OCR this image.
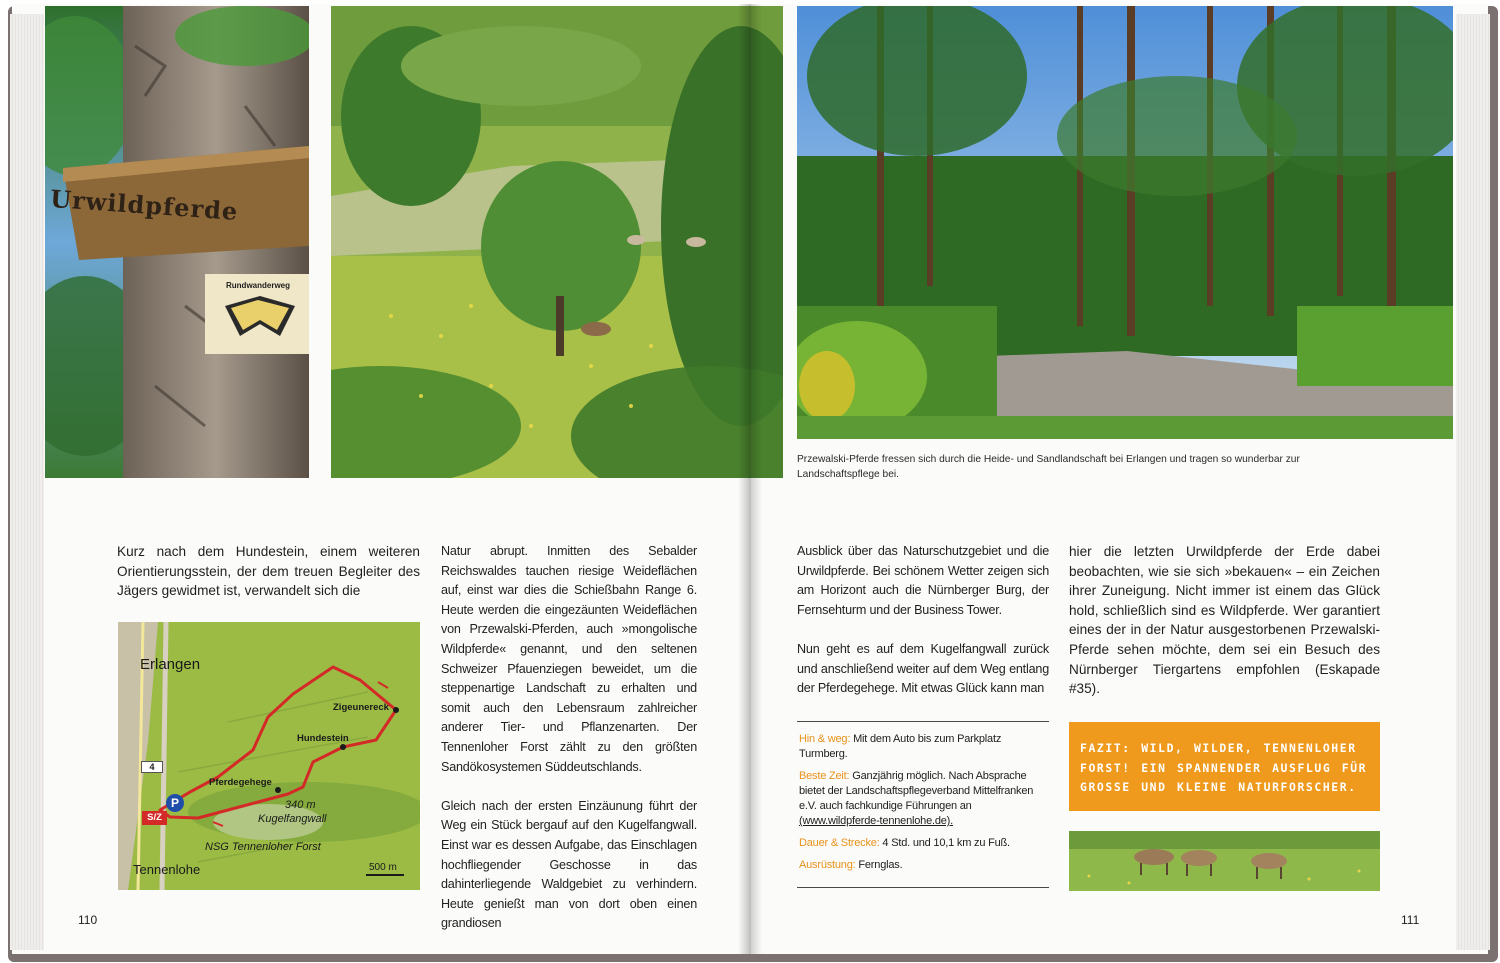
Urwildpferde
Rundwanderweg
Przewalski-Pferde fressen sich durch die Heide- und Sandlandschaft bei Erlangen und tragen so wunderbar zur Landschaftspflege bei.

Kurz nach dem Hundestein, einem weiteren Orientierungsstein, der dem treuen Begleiter des Jägers gewidmet ist, verwandelt sich die

Erlangen
Zigeunereck
Hundestein
Pferdegehege
340 m
Kugelfangwall
NSG Tennenloher Forst
Tennenlohe	500 m
4
P
S/Z

Natur abrupt. Inmitten des Sebalder Reichswaldes tauchen riesige Weideflächen auf, einst war dies die Schießbahn Range 6. Heute werden die eingezäunten Weideflächen von Przewalski-Pferden, auch »mongolische Wildpferde« genannt, und den seltenen Schweizer Pfauenziegen beweidet, um die steppenartige Landschaft zu erhalten und somit auch den Lebensraum zahlreicher anderer Tier- und Pflanzenarten. Der Tennenloher Forst zählt zu den größten Sandökosystemen Süddeutschlands.

Gleich nach der ersten Einzäunung führt der Weg ein Stück bergauf auf den Kugelfangwall. Einst war es dessen Aufgabe, das Einschlagen hochfliegender Geschosse in das dahinterliegende Waldgebiet zu verhindern. Heute genießt man von dort oben einen grandiosen

Ausblick über das Naturschutzgebiet und die Urwildpferde. Bei schönem Wetter zeigen sich am Horizont auch die Nürnberger Burg, der Fernsehturm und der Business Tower.

Nun geht es auf dem Kugelfangwall zurück und anschließend weiter auf dem Weg entlang der Pferdegehege. Mit etwas Glück kann man

Hin & weg: Mit dem Auto bis zum Parkplatz Turmberg.
Beste Zeit: Ganzjährig möglich. Nach Absprache bietet der Landschaftspflegeverband Mittelfranken e.V. auch fachkundige Führungen an (www.wildpferde-tennenlohe.de).
Dauer & Strecke: 4 Std. und 10,1 km zu Fuß.
Ausrüstung: Fernglas.

hier die letzten Urwildpferde der Erde dabei beobachten, wie sie sich »bekauen« – ein Zeichen ihrer Zuneigung. Nicht immer ist einem das Glück hold, schließlich sind es Wildpferde. Wer garantiert eines der in der Natur ausgestorbenen Przewalski-Pferde sehen möchte, dem sei ein Besuch des Nürnberger Tiergartens empfohlen (Eskapade #35).

FAZIT: WILD, WILDER, TENNENLOHER FORST! EIN SPANNENDER AUSFLUG FÜR GROSSE UND KLEINE NATURFORSCHER.
110	111
